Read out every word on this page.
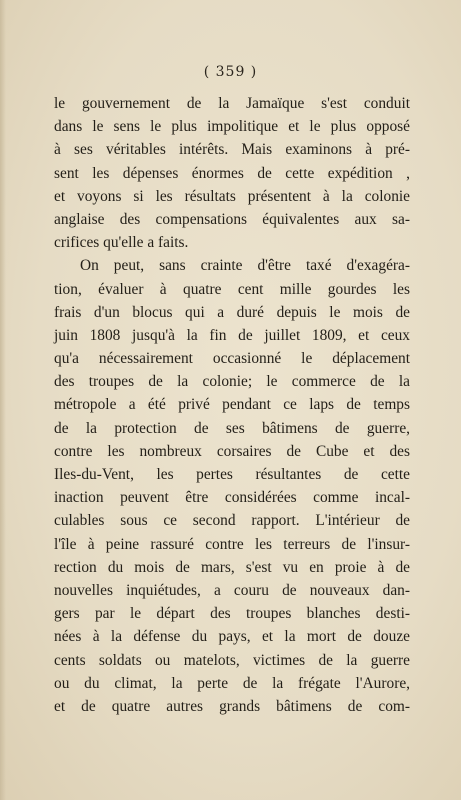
( 359 )
le gouvernement de la Jamaïque s'est conduit
dans le sens le plus impolitique et le plus opposé
à ses véritables intérêts. Mais examinons à pré-
sent les dépenses énormes de cette expédition ,
et voyons si les résultats présentent à la colonie
anglaise des compensations équivalentes aux sa-
crifices qu'elle a faits.
On peut, sans crainte d'être taxé d'exagéra-
tion, évaluer à quatre cent mille gourdes les
frais d'un blocus qui a duré depuis le mois de
juin 1808 jusqu'à la fin de juillet 1809, et ceux
qu'a nécessairement occasionné le déplacement
des troupes de la colonie; le commerce de la
métropole a été privé pendant ce laps de temps
de la protection de ses bâtimens de guerre,
contre les nombreux corsaires de Cube et des
Iles-du-Vent, les pertes résultantes de cette
inaction peuvent être considérées comme incal-
culables sous ce second rapport. L'intérieur de
l'île à peine rassuré contre les terreurs de l'insur-
rection du mois de mars, s'est vu en proie à de
nouvelles inquiétudes, a couru de nouveaux dan-
gers par le départ des troupes blanches desti-
nées à la défense du pays, et la mort de douze
cents soldats ou matelots, victimes de la guerre
ou du climat, la perte de la frégate l'Aurore,
et de quatre autres grands bâtimens de com-
